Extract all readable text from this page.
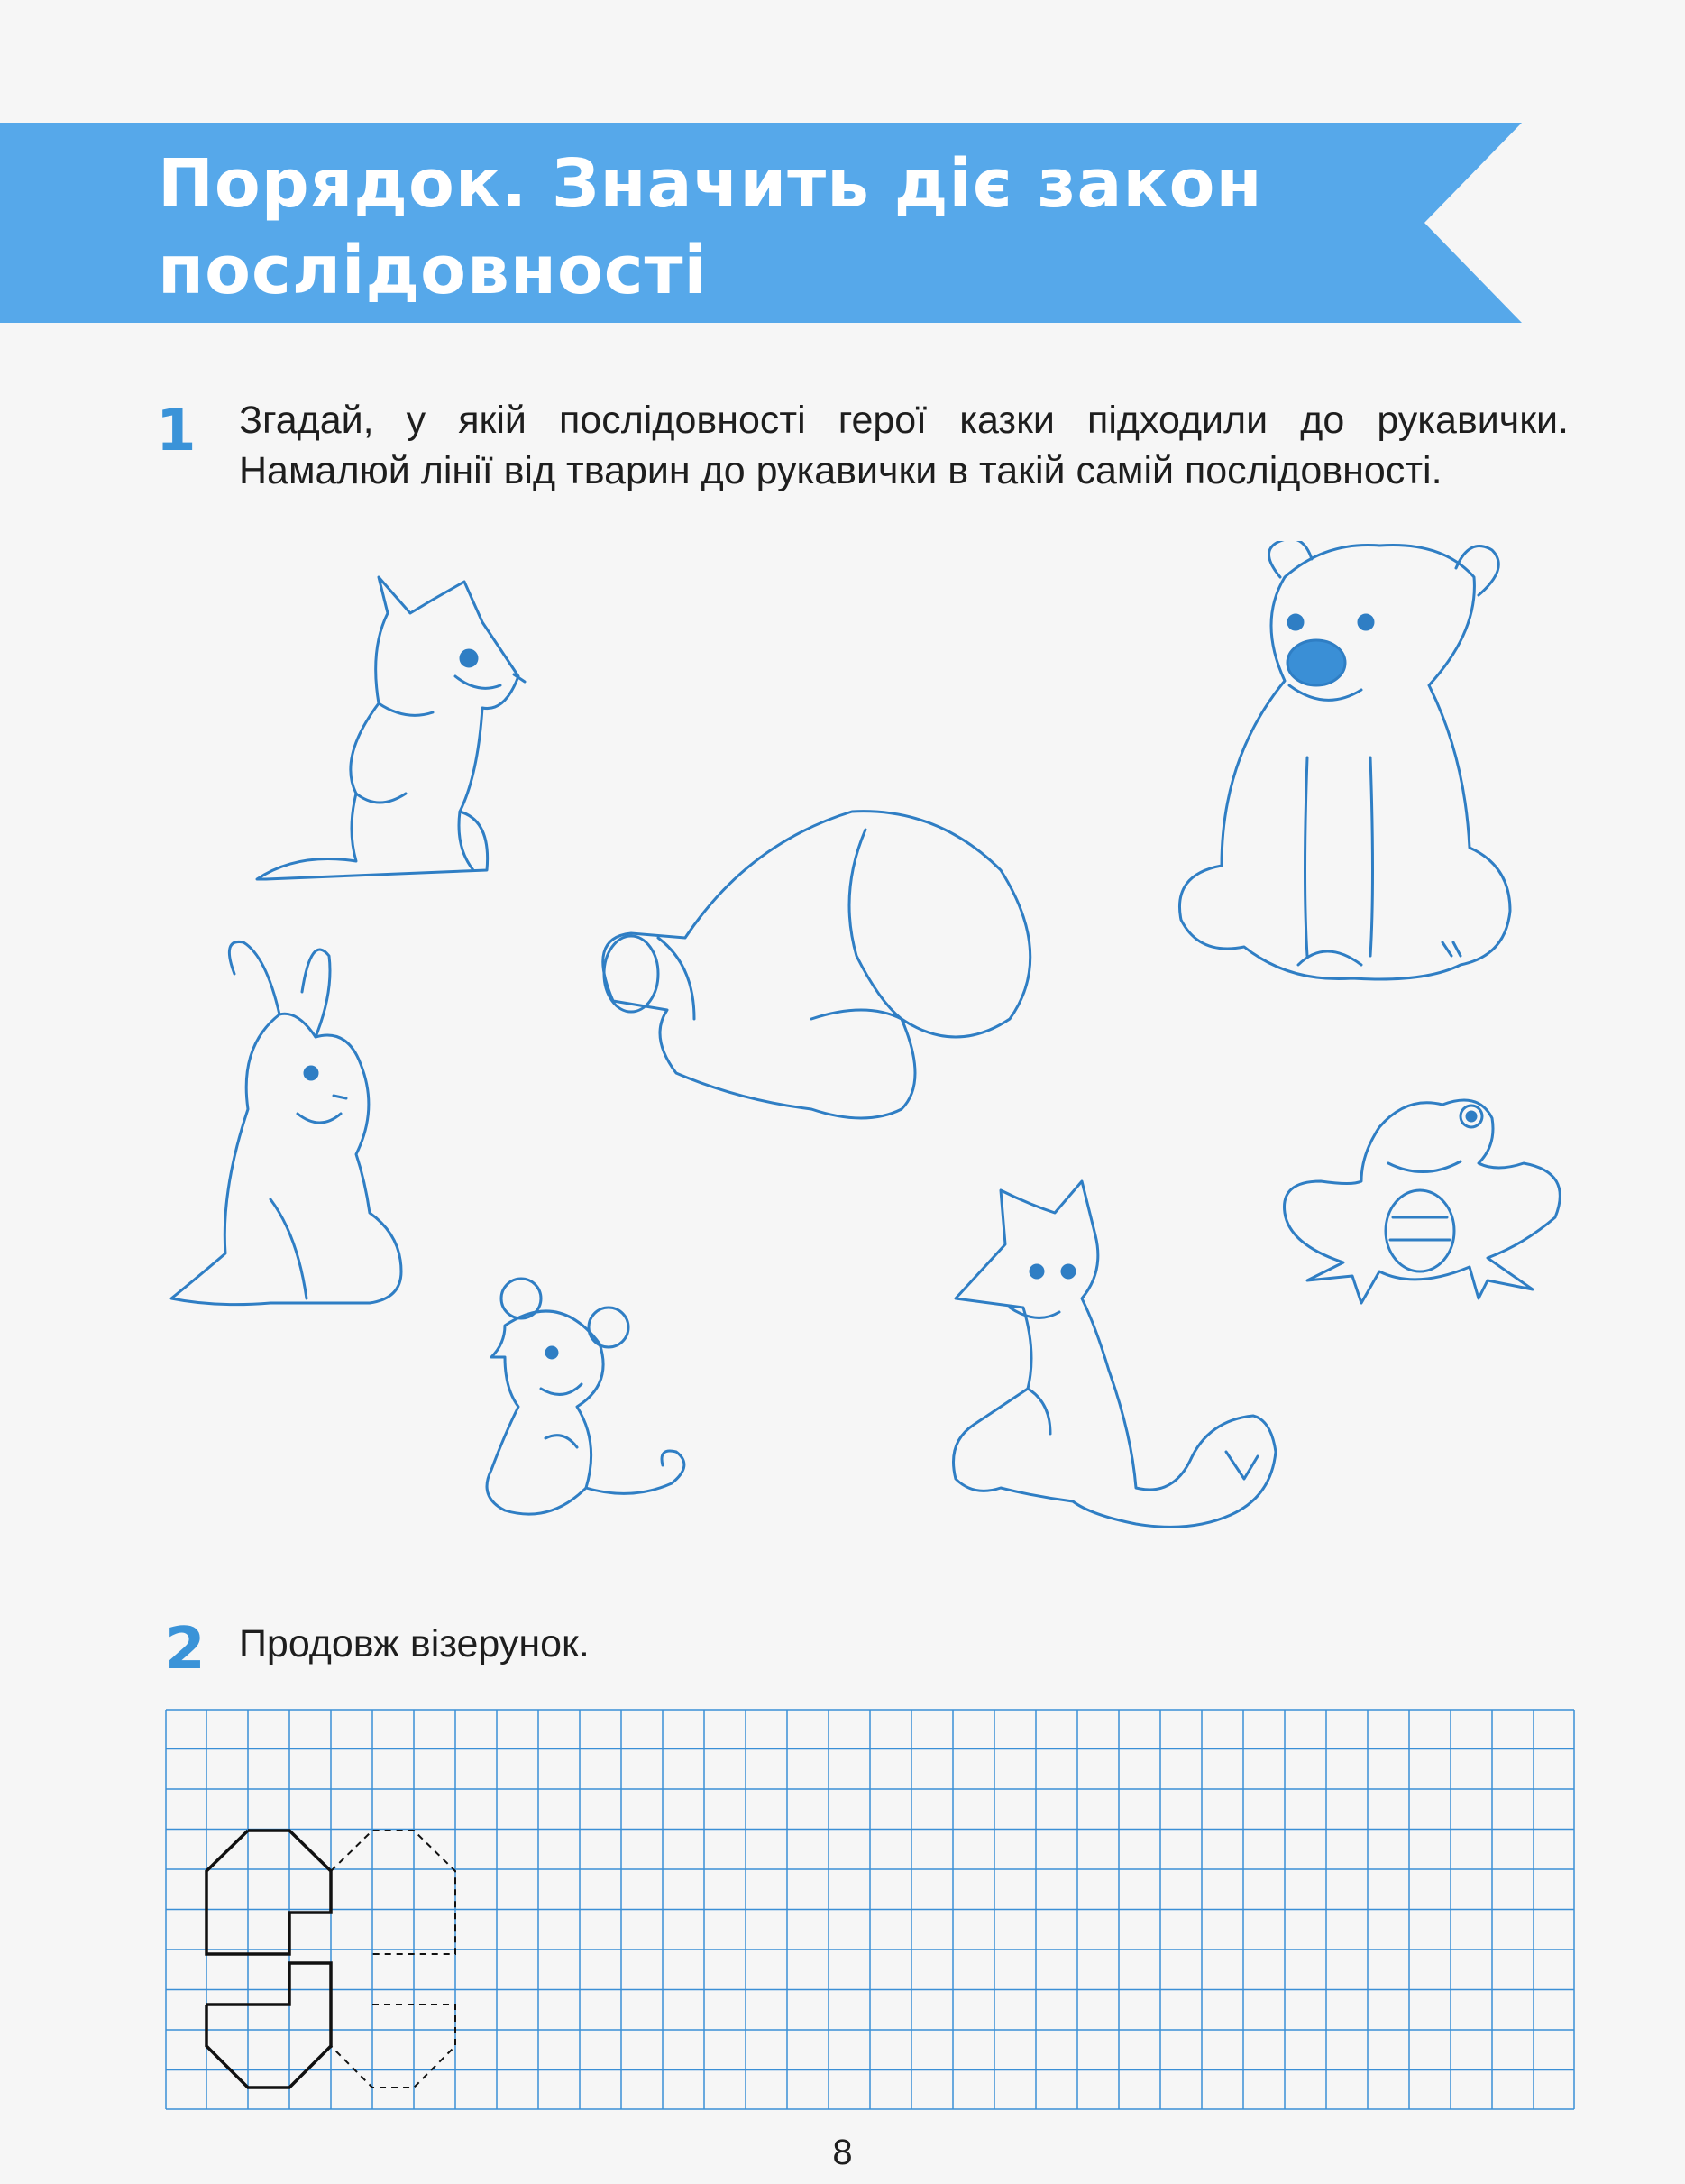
Порядок. Значить діє закон послідовності
1 Згадай, у якій послідовності герої казки підходили до рукавички. Намалюй лінії від тварин до рукавички в такій самій послідовності.

2 Продовж візерунок.

8
